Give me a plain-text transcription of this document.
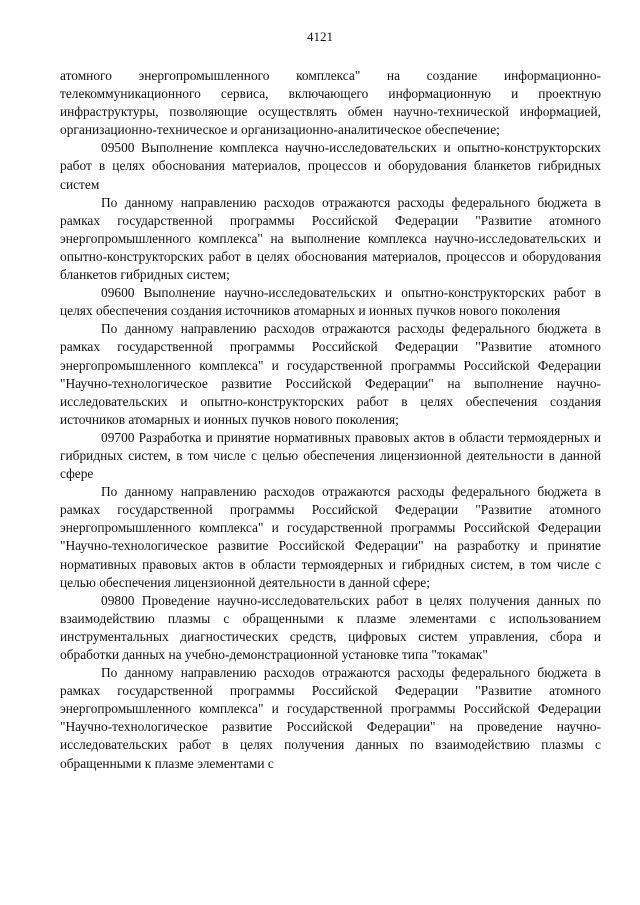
4121

атомного энергопромышленного комплекса" на создание информационно-телекоммуникационного сервиса, включающего информационную и проектную инфраструктуры, позволяющие осуществлять обмен научно-технической информацией, организационно-техническое и организационно-аналитическое обеспечение;

09500 Выполнение комплекса научно-исследовательских и опытно-конструкторских работ в целях обоснования материалов, процессов и оборудования бланкетов гибридных систем

По данному направлению расходов отражаются расходы федерального бюджета в рамках государственной программы Российской Федерации "Развитие атомного энергопромышленного комплекса" на выполнение комплекса научно-исследовательских и опытно-конструкторских работ в целях обоснования материалов, процессов и оборудования бланкетов гибридных систем;

09600 Выполнение научно-исследовательских и опытно-конструкторских работ в целях обеспечения создания источников атомарных и ионных пучков нового поколения

По данному направлению расходов отражаются расходы федерального бюджета в рамках государственной программы Российской Федерации "Развитие атомного энергопромышленного комплекса" и государственной программы Российской Федерации "Научно-технологическое развитие Российской Федерации" на выполнение научно-исследовательских и опытно-конструкторских работ в целях обеспечения создания источников атомарных и ионных пучков нового поколения;

09700 Разработка и принятие нормативных правовых актов в области термоядерных и гибридных систем, в том числе с целью обеспечения лицензионной деятельности в данной сфере

По данному направлению расходов отражаются расходы федерального бюджета в рамках государственной программы Российской Федерации "Развитие атомного энергопромышленного комплекса" и государственной программы Российской Федерации "Научно-технологическое развитие Российской Федерации" на разработку и принятие нормативных правовых актов в области термоядерных и гибридных систем, в том числе с целью обеспечения лицензионной деятельности в данной сфере;

09800 Проведение научно-исследовательских работ в целях получения данных по взаимодействию плазмы с обращенными к плазме элементами с использованием инструментальных диагностических средств, цифровых систем управления, сбора и обработки данных на учебно-демонстрационной установке типа "токамак"

По данному направлению расходов отражаются расходы федерального бюджета в рамках государственной программы Российской Федерации "Развитие атомного энергопромышленного комплекса" и государственной программы Российской Федерации "Научно-технологическое развитие Российской Федерации" на проведение научно-исследовательских работ в целях получения данных по взаимодействию плазмы с обращенными к плазме элементами с
